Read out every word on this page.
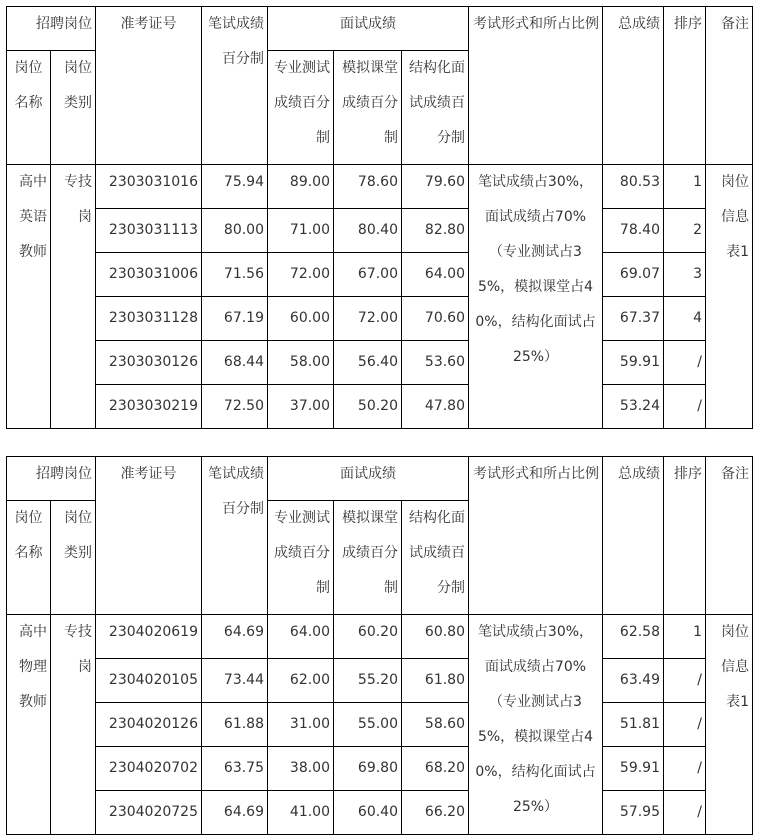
招聘岗位		准考证号	笔试成绩百分制	面试成绩			考试形式和所占比例	总成绩	排序	备注
岗位名称	岗位类别			专业测试成绩百分制	模拟课堂成绩百分制	结构化面试成绩百分制				

高中英语教师	专技岗	2303031016	75.94	89.00	78.60	79.60	笔试成绩占30%，面试成绩占70%（专业测试占35%，模拟课堂占40%，结构化面试占25%）	80.53	1	岗位信息表1
		2303031113	80.00	71.00	80.40	82.80		78.40	2	
		2303031006	71.56	72.00	67.00	64.00		69.07	3	
		2303031128	67.19	60.00	72.00	70.60		67.37	4	
		2303030126	68.44	58.00	56.40	53.60		59.91	/	
		2303030219	72.50	37.00	50.20	47.80		53.24	/	
招聘岗位		准考证号	笔试成绩百分制	面试成绩			考试形式和所占比例	总成绩	排序	备注
岗位名称	岗位类别			专业测试成绩百分制	模拟课堂成绩百分制	结构化面试成绩百分制				

高中物理教师	专技岗	2304020619	64.69	64.00	60.20	60.80	笔试成绩占30%，面试成绩占70%（专业测试占35%，模拟课堂占40%，结构化面试占25%）	62.58	1	岗位信息表1
		2304020105	73.44	62.00	55.20	61.80		63.49	/	
		2304020126	61.88	31.00	55.00	58.60		51.81	/	
		2304020702	63.75	38.00	69.80	68.20		59.91	/	
		2304020725	64.69	41.00	60.40	66.20		57.95	/	
